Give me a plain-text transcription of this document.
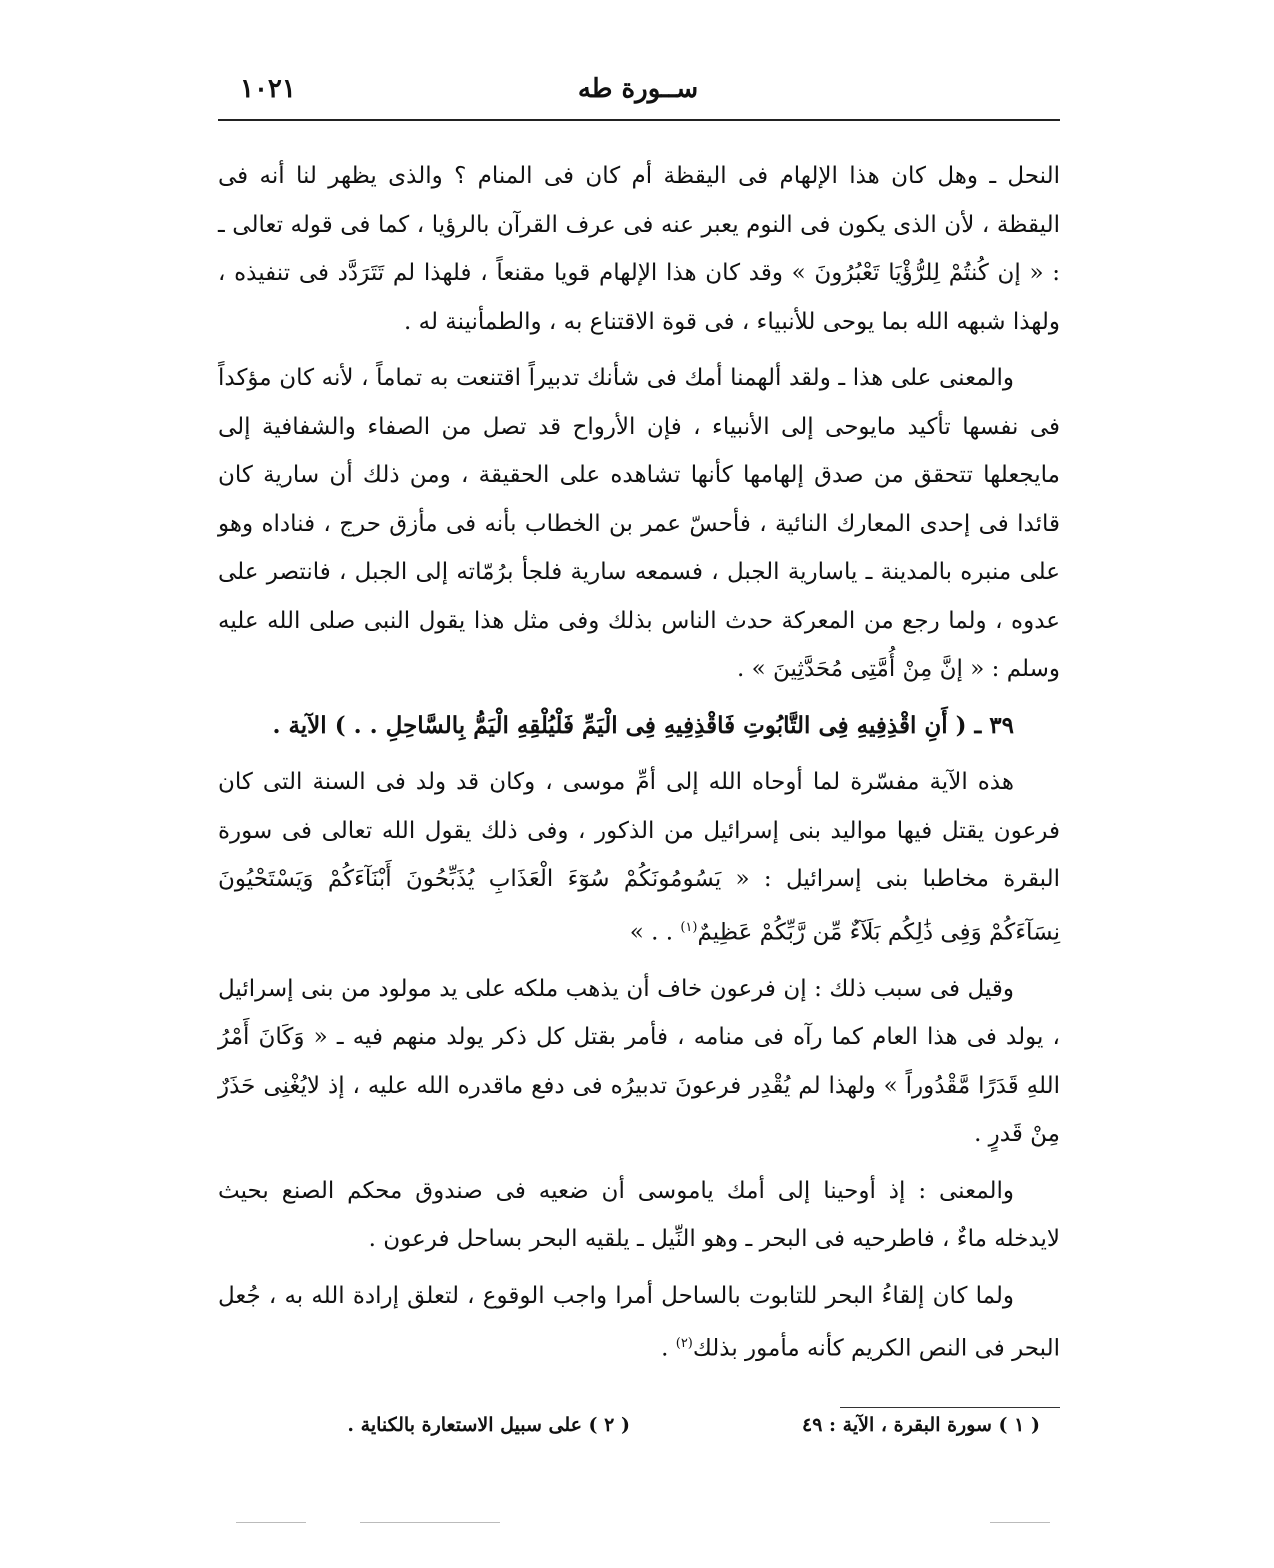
ســورة طه
١٠٢١

النحل ـ وهل كان هذا الإلهام فى اليقظة أم كان فى المنام ؟ والذى يظهر لنا أنه فى اليقظة ، لأن الذى يكون فى النوم يعبر عنه فى عرف القرآن بالرؤيا ، كما فى قوله تعالى ـ : « إن كُنتُمْ لِلرُّؤْيَا تَعْبُرُونَ » وقد كان هذا الإلهام قويا مقنعاً ، فلهذا لم تَتَرَدَّد فى تنفيذه ، ولهذا شبهه الله بما يوحى للأنبياء ، فى قوة الاقتناع به ، والطمأنينة له .

والمعنى على هذا ـ ولقد ألهمنا أمك فى شأنك تدبيراً اقتنعت به تماماً ، لأنه كان مؤكداً فى نفسها تأكيد مايوحى إلى الأنبياء ، فإن الأرواح قد تصل من الصفاء والشفافية إلى مايجعلها تتحقق من صدق إلهامها كأنها تشاهده على الحقيقة ، ومن ذلك أن سارية كان قائدا فى إحدى المعارك النائية ، فأحسّ عمر بن الخطاب بأنه فى مأزق حرج ، فناداه وهو على منبره بالمدينة ـ ياسارية الجبل ، فسمعه سارية فلجأ برُمّاته إلى الجبل ، فانتصر على عدوه ، ولما رجع من المعركة حدث الناس بذلك وفى مثل هذا يقول النبى صلى الله عليه وسلم : « إنَّ مِنْ أُمَّتِى مُحَدَّثِينَ » .

٣٩ ـ ( أَنِ اقْذِفِيهِ فِى التَّابُوتِ فَاقْذِفِيهِ فِى الْيَمِّ فَلْيُلْقِهِ الْيَمُّ بِالسَّاحِلِ . . ) الآية .

هذه الآية مفسّرة لما أوحاه الله إلى أمِّ موسى ، وكان قد ولد فى السنة التى كان فرعون يقتل فيها مواليد بنى إسرائيل من الذكور ، وفى ذلك يقول الله تعالى فى سورة البقرة مخاطبا بنى إسرائيل : « يَسُومُونَكُمْ سُوٓءَ الْعَذَابِ يُذَبِّحُونَ أَبْنَآءَكُمْ وَيَسْتَحْيُونَ نِسَآءَكُمْ وَفِى ذَٰلِكُم بَلَآءٌ مِّن رَّبِّكُمْ عَظِيمٌ$^{(١)}$ . . »

وقيل فى سبب ذلك : إن فرعون خاف أن يذهب ملكه على يد مولود من بنى إسرائيل ، يولد فى هذا العام كما رآه فى منامه ، فأمر بقتل كل ذكر يولد منهم فيه ـ « وَكَانَ أَمْرُ اللهِ قَدَرًا مَّقْدُوراً » ولهذا لم يُقْدِر فرعونَ تدبيرُه فى دفع ماقدره الله عليه ، إذ لايُغْنِى حَذَرٌ مِنْ قَدرٍ .

والمعنى : إذ أوحينا إلى أمك ياموسى أن ضعيه فى صندوق محكم الصنع بحيث لايدخله ماءٌ ، فاطرحيه فى البحر ـ وهو النِّيل ـ يلقيه البحر بساحل فرعون .

ولما كان إلقاءُ البحر للتابوت بالساحل أمرا واجب الوقوع ، لتعلق إرادة الله به ، جُعل البحر فى النص الكريم كأنه مأمور بذلك$^{(٢)}$ .

( ١ ) سورة البقرة ، الآية : ٤٩
( ٢ ) على سبيل الاستعارة بالكناية .
